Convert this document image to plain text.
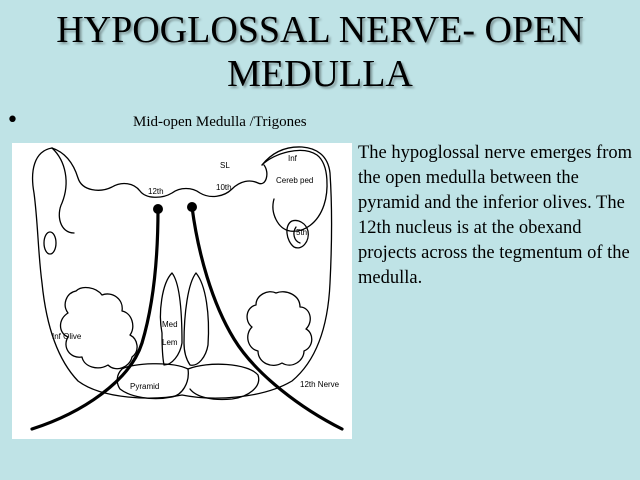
HYPOGLOSSAL NERVE- OPEN
MEDULLA
•	Mid-open Medulla /Trigones
SL
Inf
Cereb ped
12th	10th
5th
Inf Olive
Med
Lem
Pyramid	12th Nerve
The hypoglossal nerve emerges from the open medulla between the pyramid and the inferior olives. The 12th nucleus is at the obexand projects across the tegmentum of the medulla.
